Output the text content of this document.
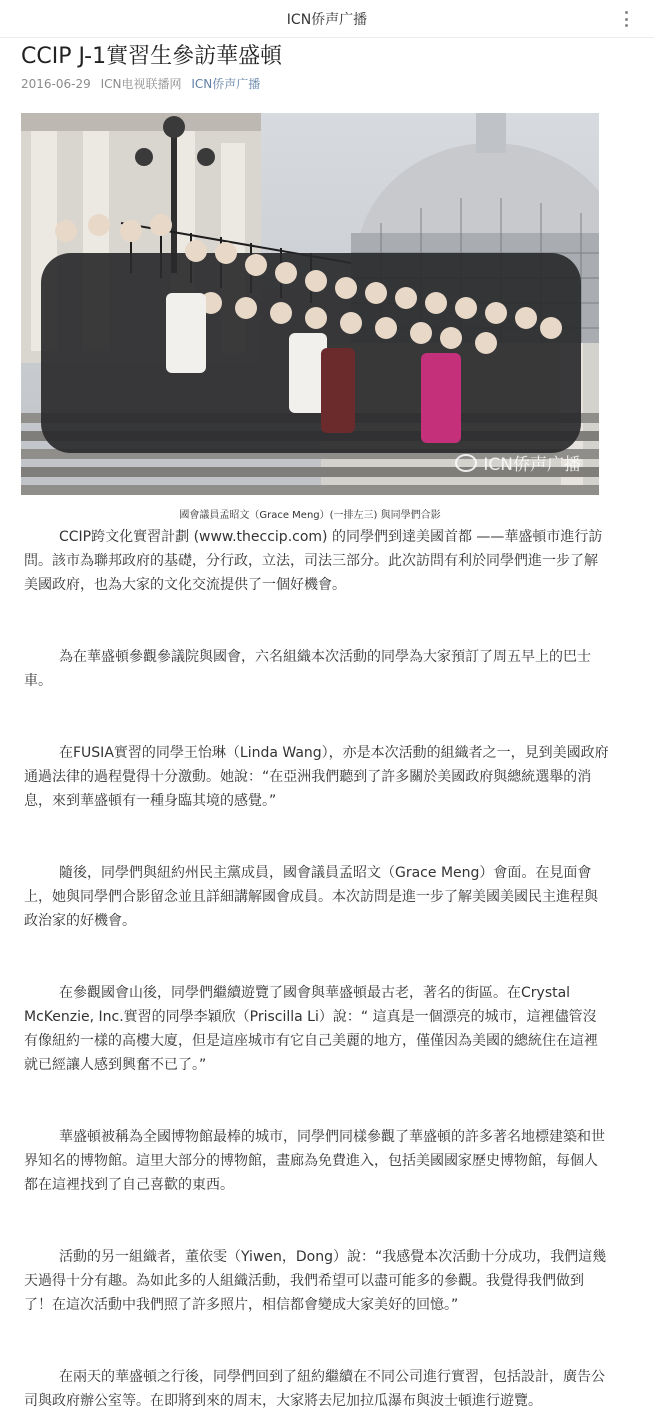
ICN侨声广播
CCIP J-1實習生參訪華盛頓
2016-06-29 ICN电视联播网 ICN侨声广播
ICN侨声广播
國會議員孟昭文（Grace Meng）(一排左三) 與同學們合影

CCIP跨文化實習計劃 (www.theccip.com) 的同學們到達美國首都 ——華盛頓市進行訪問。該市為聯邦政府的基礎，分行政，立法，司法三部分。此次訪問有利於同學們進一步了解美國政府，也為大家的文化交流提供了一個好機會。

為在華盛頓參觀參議院與國會，六名組織本次活動的同學為大家預訂了周五早上的巴士車。

在FUSIA實習的同學王怡琳（Linda Wang），亦是本次活動的組織者之一，見到美國政府通過法律的過程覺得十分激動。她說：“在亞洲我們聽到了許多關於美國政府與總統選舉的消息，來到華盛頓有一種身臨其境的感覺。”

隨後，同學們與紐約州民主黨成員，國會議員孟昭文（Grace Meng）會面。在見面會上，她與同學們合影留念並且詳細講解國會成員。本次訪問是進一步了解美國美國民主進程與政治家的好機會。

在參觀國會山後，同學們繼續遊覽了國會與華盛頓最古老，著名的街區。在Crystal McKenzie, Inc.實習的同學李穎欣（Priscilla Li）說：“ 這真是一個漂亮的城市，這裡儘管沒有像紐約一樣的高樓大廈，但是這座城市有它自己美麗的地方，僅僅因為美國的總統住在這裡就已經讓人感到興奮不已了。”

華盛頓被稱為全國博物館最棒的城市，同學們同樣參觀了華盛頓的許多著名地標建築和世界知名的博物館。這里大部分的博物館，畫廊為免費進入，包括美國國家歷史博物館，每個人都在這裡找到了自己喜歡的東西。

活動的另一組織者，董依雯（Yiwen，Dong）說：“我感覺本次活動十分成功，我們這幾天過得十分有趣。為如此多的人組織活動，我們希望可以盡可能多的參觀。我覺得我們做到了！在這次活動中我們照了許多照片，相信都會變成大家美好的回憶。”

在兩天的華盛頓之行後，同學們回到了紐約繼續在不同公司進行實習，包括設計，廣告公司與政府辦公室等。在即將到來的周末，大家將去尼加拉瓜瀑布與波士頓進行遊覽。
